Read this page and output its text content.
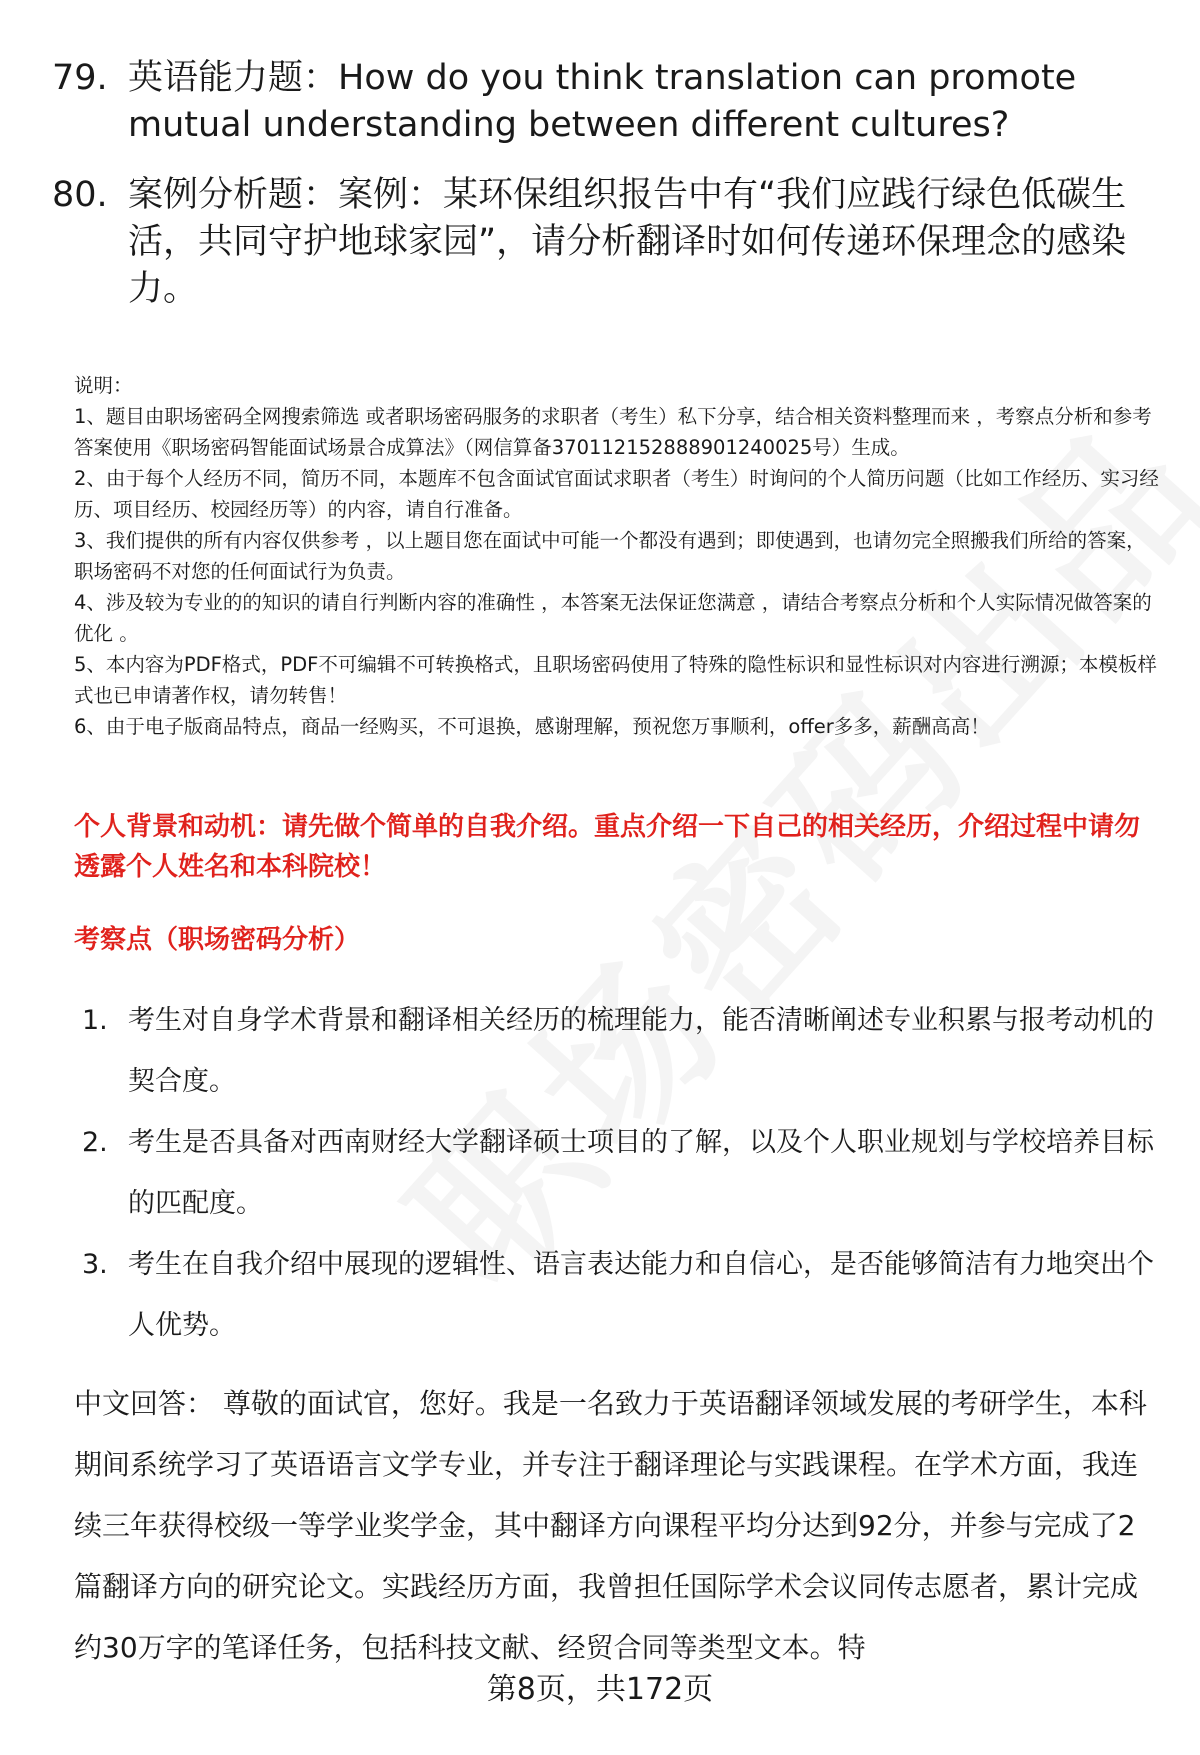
79. 英语能力题：How do you think translation can promote mutual understanding between different cultures?
80. 案例分析题：案例：某环保组织报告中有“我们应践行绿色低碳生活，共同守护地球家园”，请分析翻译时如何传递环保理念的感染力。

说明：

1、题目由职场密码全网搜索筛选 或者职场密码服务的求职者（考生）私下分享，结合相关资料整理而来 ，考察点分析和参考答案使用《职场密码智能面试场景合成算法》（网信算备370112152888901240025号）生成。

2、由于每个人经历不同，简历不同，本题库不包含面试官面试求职者（考生）时询问的个人简历问题（比如工作经历、实习经历、项目经历、校园经历等）的内容，请自行准备。

3、我们提供的所有内容仅供参考 ，以上题目您在面试中可能一个都没有遇到；即使遇到，也请勿完全照搬我们所给的答案，职场密码不对您的任何面试行为负责。

4、涉及较为专业的的知识的请自行判断内容的准确性 ，本答案无法保证您满意 ，请结合考察点分析和个人实际情况做答案的优化 。

5、本内容为PDF格式，PDF不可编辑不可转换格式，且职场密码使用了特殊的隐性标识和显性标识对内容进行溯源；本模板样式也已申请著作权，请勿转售！

6、由于电子版商品特点，商品一经购买，不可退换，感谢理解，预祝您万事顺利，offer多多，薪酬高高！

个人背景和动机：请先做个简单的自我介绍。重点介绍一下自己的相关经历，介绍过程中请勿透露个人姓名和本科院校！
考察点（职场密码分析）
1. 考生对自身学术背景和翻译相关经历的梳理能力，能否清晰阐述专业积累与报考动机的契合度。
2. 考生是否具备对西南财经大学翻译硕士项目的了解，以及个人职业规划与学校培养目标的匹配度。
3. 考生在自我介绍中展现的逻辑性、语言表达能力和自信心，是否能够简洁有力地突出个人优势。
中文回答： 尊敬的面试官，您好。我是一名致力于英语翻译领域发展的考研学生，本科期间系统学习了英语语言文学专业，并专注于翻译理论与实践课程。在学术方面，我连续三年获得校级一等学业奖学金，其中翻译方向课程平均分达到92分，并参与完成了2篇翻译方向的研究论文。实践经历方面，我曾担任国际学术会议同传志愿者，累计完成约30万字的笔译任务，包括科技文献、经贸合同等类型文本。特
第8页，共172页
